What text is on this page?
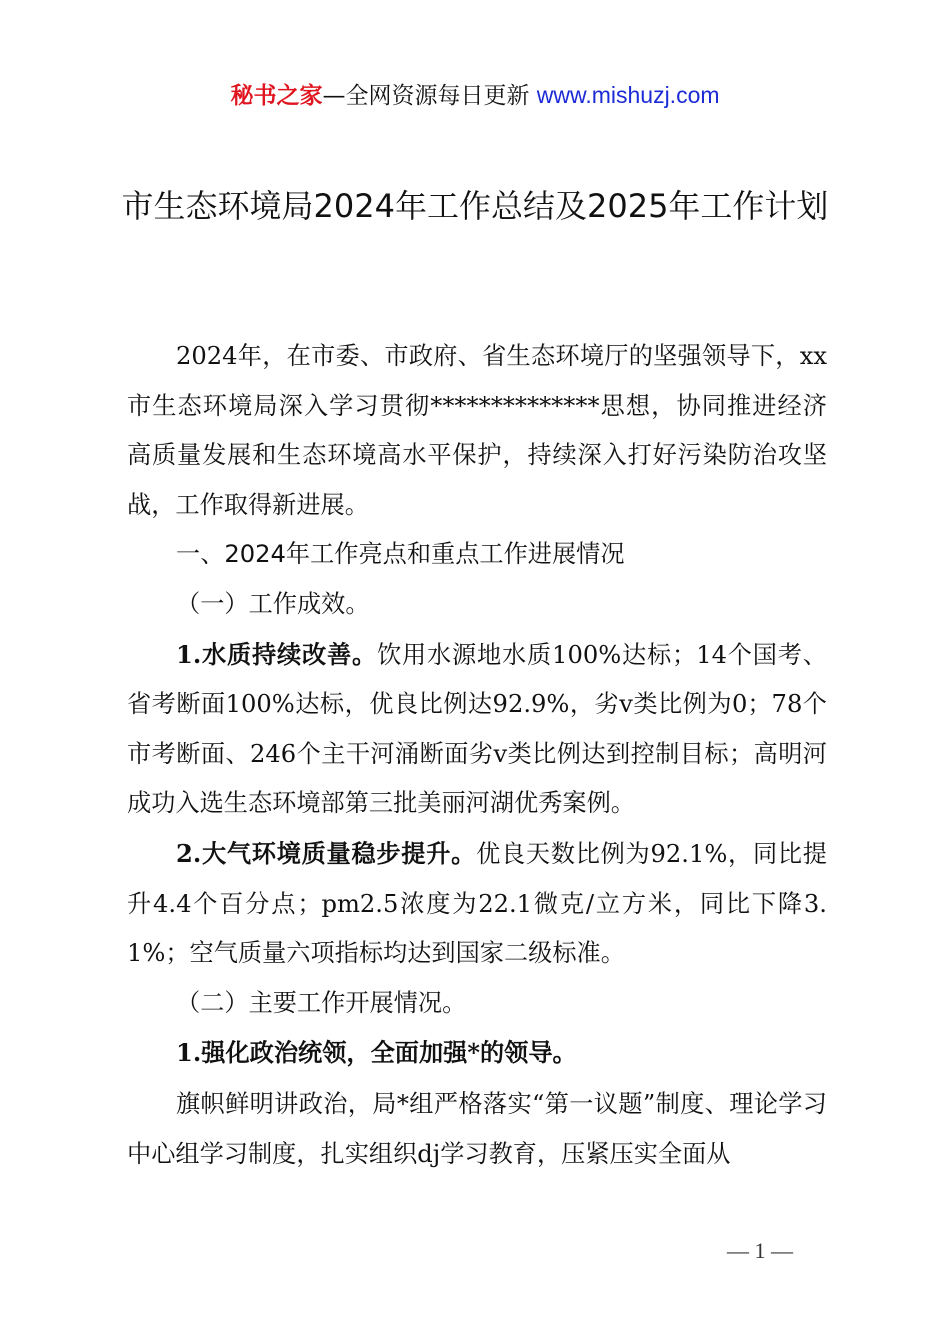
秘书之家—全网资源每日更新 www.mishuzj.com
市生态环境局2024年工作总结及2025年工作计划

2024年，在市委、市政府、省生态环境厅的坚强领导下，xx市生态环境局深入学习贯彻**************思想，协同推进经济高质量发展和生态环境高水平保护，持续深入打好污染防治攻坚战，工作取得新进展。

一、2024年工作亮点和重点工作进展情况

（一）工作成效。

1.水质持续改善。饮用水源地水质100%达标；14个国考、省考断面100%达标，优良比例达92.9%，劣ⅴ类比例为0；78个市考断面、246个主干河涌断面劣ⅴ类比例达到控制目标；高明河成功入选生态环境部第三批美丽河湖优秀案例。

2.大气环境质量稳步提升。优良天数比例为92.1%，同比提升4.4个百分点；pm2.5浓度为22.1微克/立方米，同比下降3.1%；空气质量六项指标均达到国家二级标准。

（二）主要工作开展情况。

1.强化政治统领，全面加强*的领导。

旗帜鲜明讲政治，局*组严格落实“第一议题”制度、理论学习中心组学习制度，扎实组织dj学习教育，压紧压实全面从

— 1 —
